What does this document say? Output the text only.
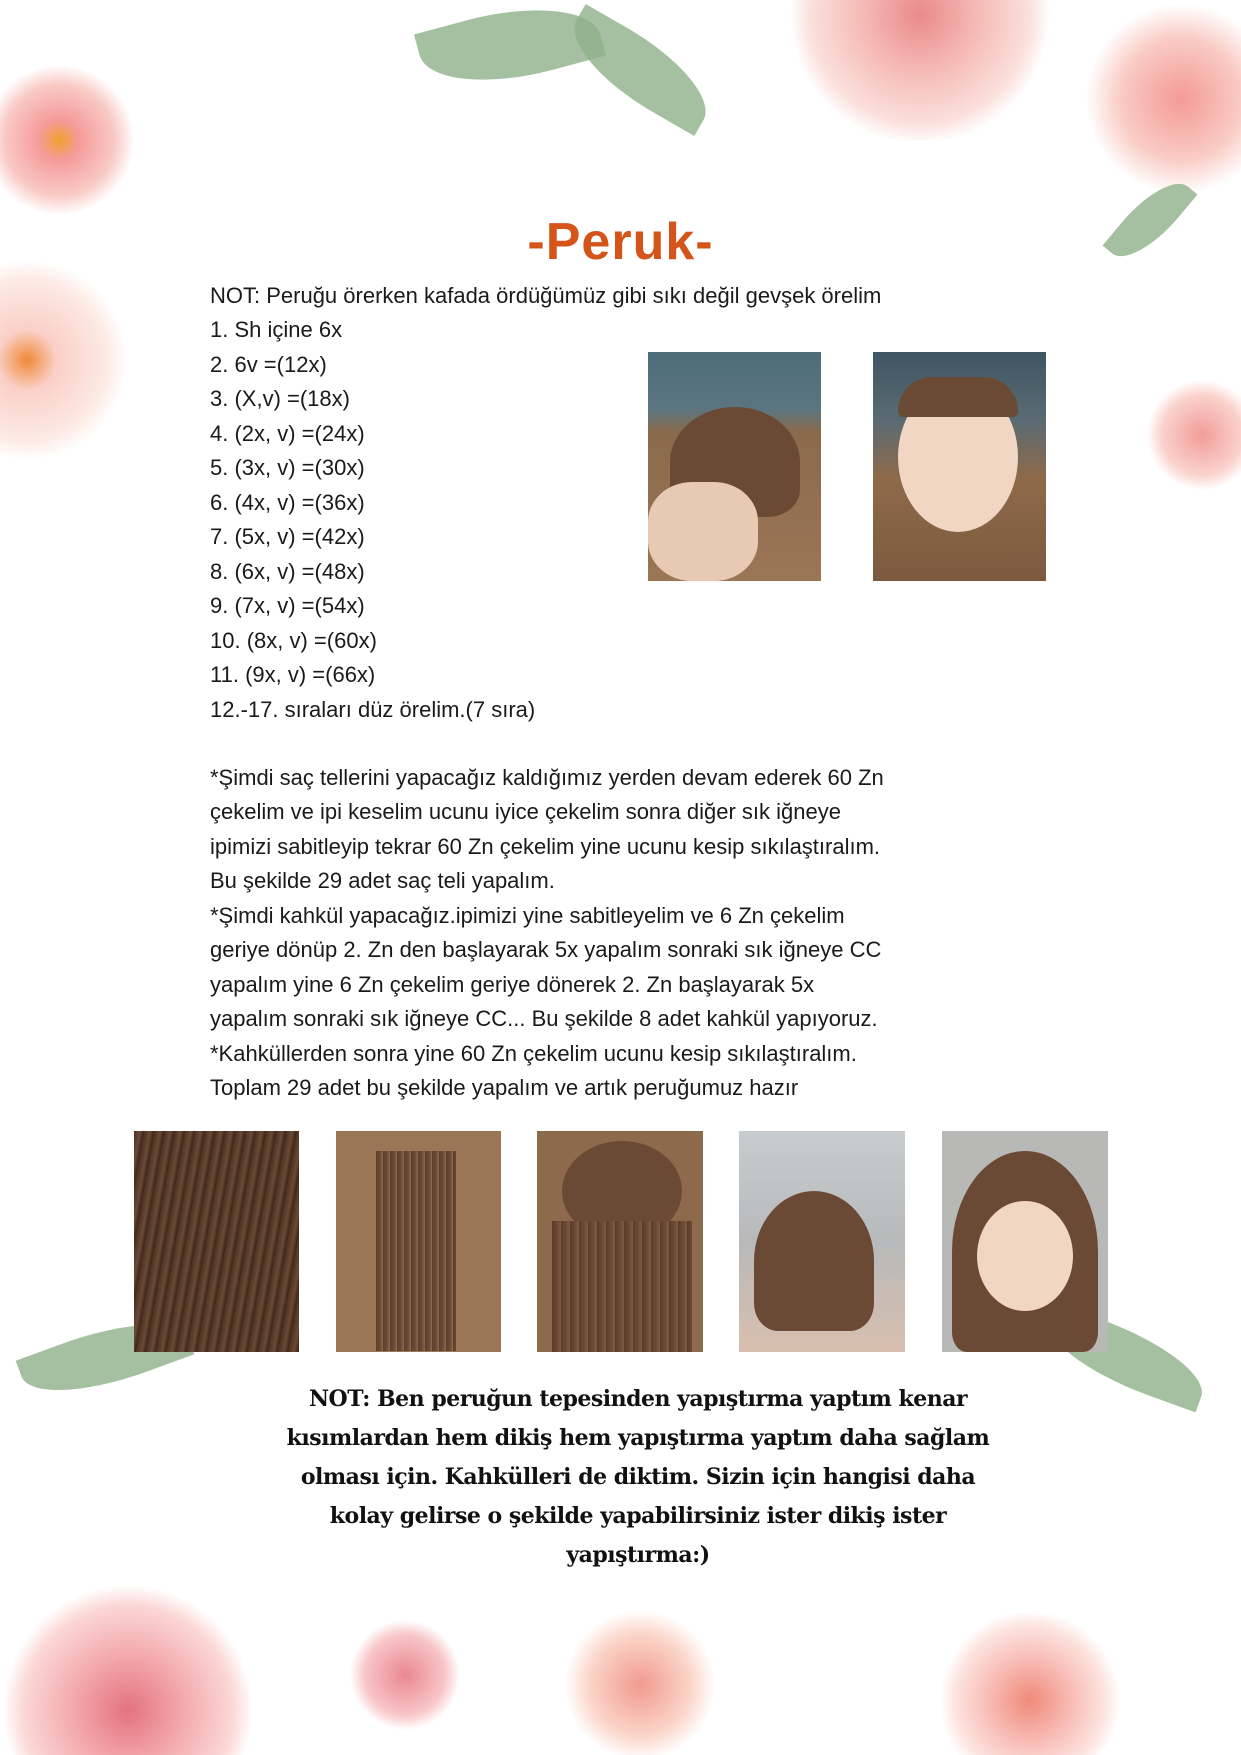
-Peruk-
NOT: Peruğu örerken kafada ördüğümüz gibi sıkı değil gevşek örelim
1. Sh içine 6x
2. 6v =(12x)
3. (X,v) =(18x)
4. (2x, v) =(24x)
5. (3x, v) =(30x)
6. (4x, v) =(36x)
7. (5x, v) =(42x)
8. (6x, v) =(48x)
9. (7x, v) =(54x)
10. (8x, v) =(60x)
11. (9x, v) =(66x)
12.-17. sıraları düz örelim.(7 sıra)
*Şimdi saç tellerini yapacağız kaldığımız yerden devam ederek 60 Zn
çekelim ve ipi keselim ucunu iyice çekelim sonra diğer sık iğneye
ipimizi sabitleyip tekrar 60 Zn çekelim yine ucunu kesip sıkılaştıralım.
Bu şekilde 29 adet saç teli yapalım.
*Şimdi kahkül yapacağız.ipimizi yine sabitleyelim ve 6 Zn çekelim
geriye dönüp 2. Zn den başlayarak 5x yapalım sonraki sık iğneye CC
yapalım yine 6 Zn çekelim geriye dönerek 2. Zn başlayarak 5x
yapalım sonraki sık iğneye CC... Bu şekilde 8 adet kahkül yapıyoruz.
*Kahküllerden sonra yine 60 Zn çekelim ucunu kesip sıkılaştıralım.
Toplam 29 adet bu şekilde yapalım ve artık peruğumuz hazır
NOT: Ben peruğun tepesinden yapıştırma yaptım kenar
kısımlardan hem dikiş hem yapıştırma yaptım daha sağlam
olması için. Kahkülleri de diktim. Sizin için hangisi daha
kolay gelirse o şekilde yapabilirsiniz ister dikiş ister
yapıştırma:)
